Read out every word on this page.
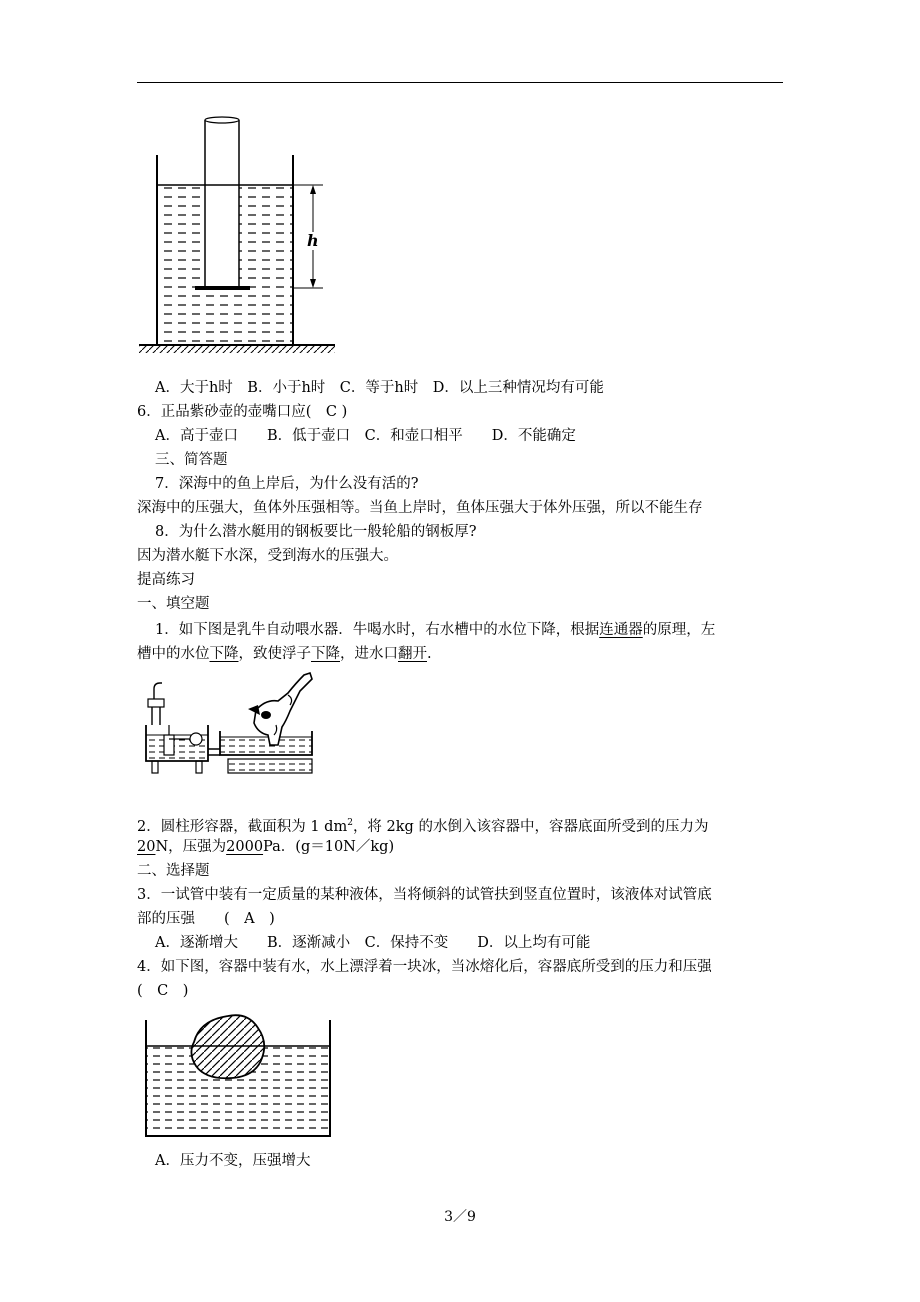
h
A．大于h时　B．小于h时　C．等于h时　D．以上三种情况均有可能
6．正品紫砂壶的壶嘴口应(　C )
A．高于壶口　　B．低于壶口　C．和壶口相平　　D．不能确定
三、简答题
7．深海中的鱼上岸后，为什么没有活的?
深海中的压强大，鱼体外压强相等。当鱼上岸时，鱼体压强大于体外压强，所以不能生存
8．为什么潜水艇用的钢板要比一般轮船的钢板厚?
因为潜水艇下水深，受到海水的压强大。
提高练习
一、填空题
1．如下图是乳牛自动喂水器．牛喝水时，右水槽中的水位下降，根据连通器的原理，左
槽中的水位下降，致使浮子下降，进水口翻开.
2．圆柱形容器，截面积为 1 $dm^2$，将 2kg 的水倒入该容器中，容器底面所受到的压力为
20N，压强为2000Pa．(g＝10N／kg)
二、选择题
3．一试管中装有一定质量的某种液体，当将倾斜的试管扶到竖直位置时，该液体对试管底
部的压强　　(　A　)
A．逐渐增大　　B．逐渐减小　C．保持不变　　D．以上均有可能
4．如下图，容器中装有水，水上漂浮着一块冰，当冰熔化后，容器底所受到的压力和压强
(　C　)
A．压力不变，压强增大
3／9
